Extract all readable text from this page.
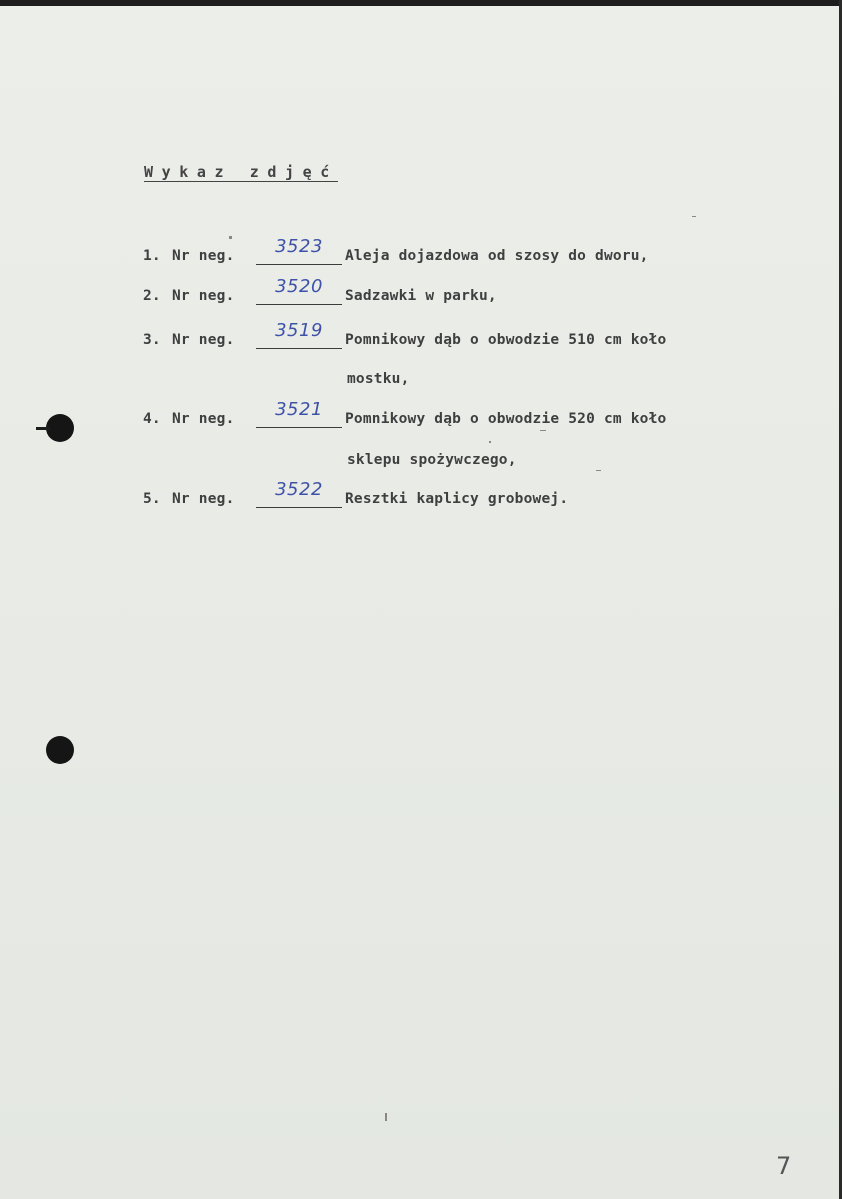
Wykaz zdjęć
1. Nr neg.	3523	Aleja dojazdowa od szosy do dworu,
2. Nr neg.	3520	Sadzawki w parku,
3. Nr neg.	3519	Pomnikowy dąb o obwodzie 510 cm koło
mostku,
4. Nr neg.	3521	Pomnikowy dąb o obwodzie 520 cm koło
sklepu spożywczego,
5. Nr neg.	3522	Resztki kaplicy grobowej.
7
